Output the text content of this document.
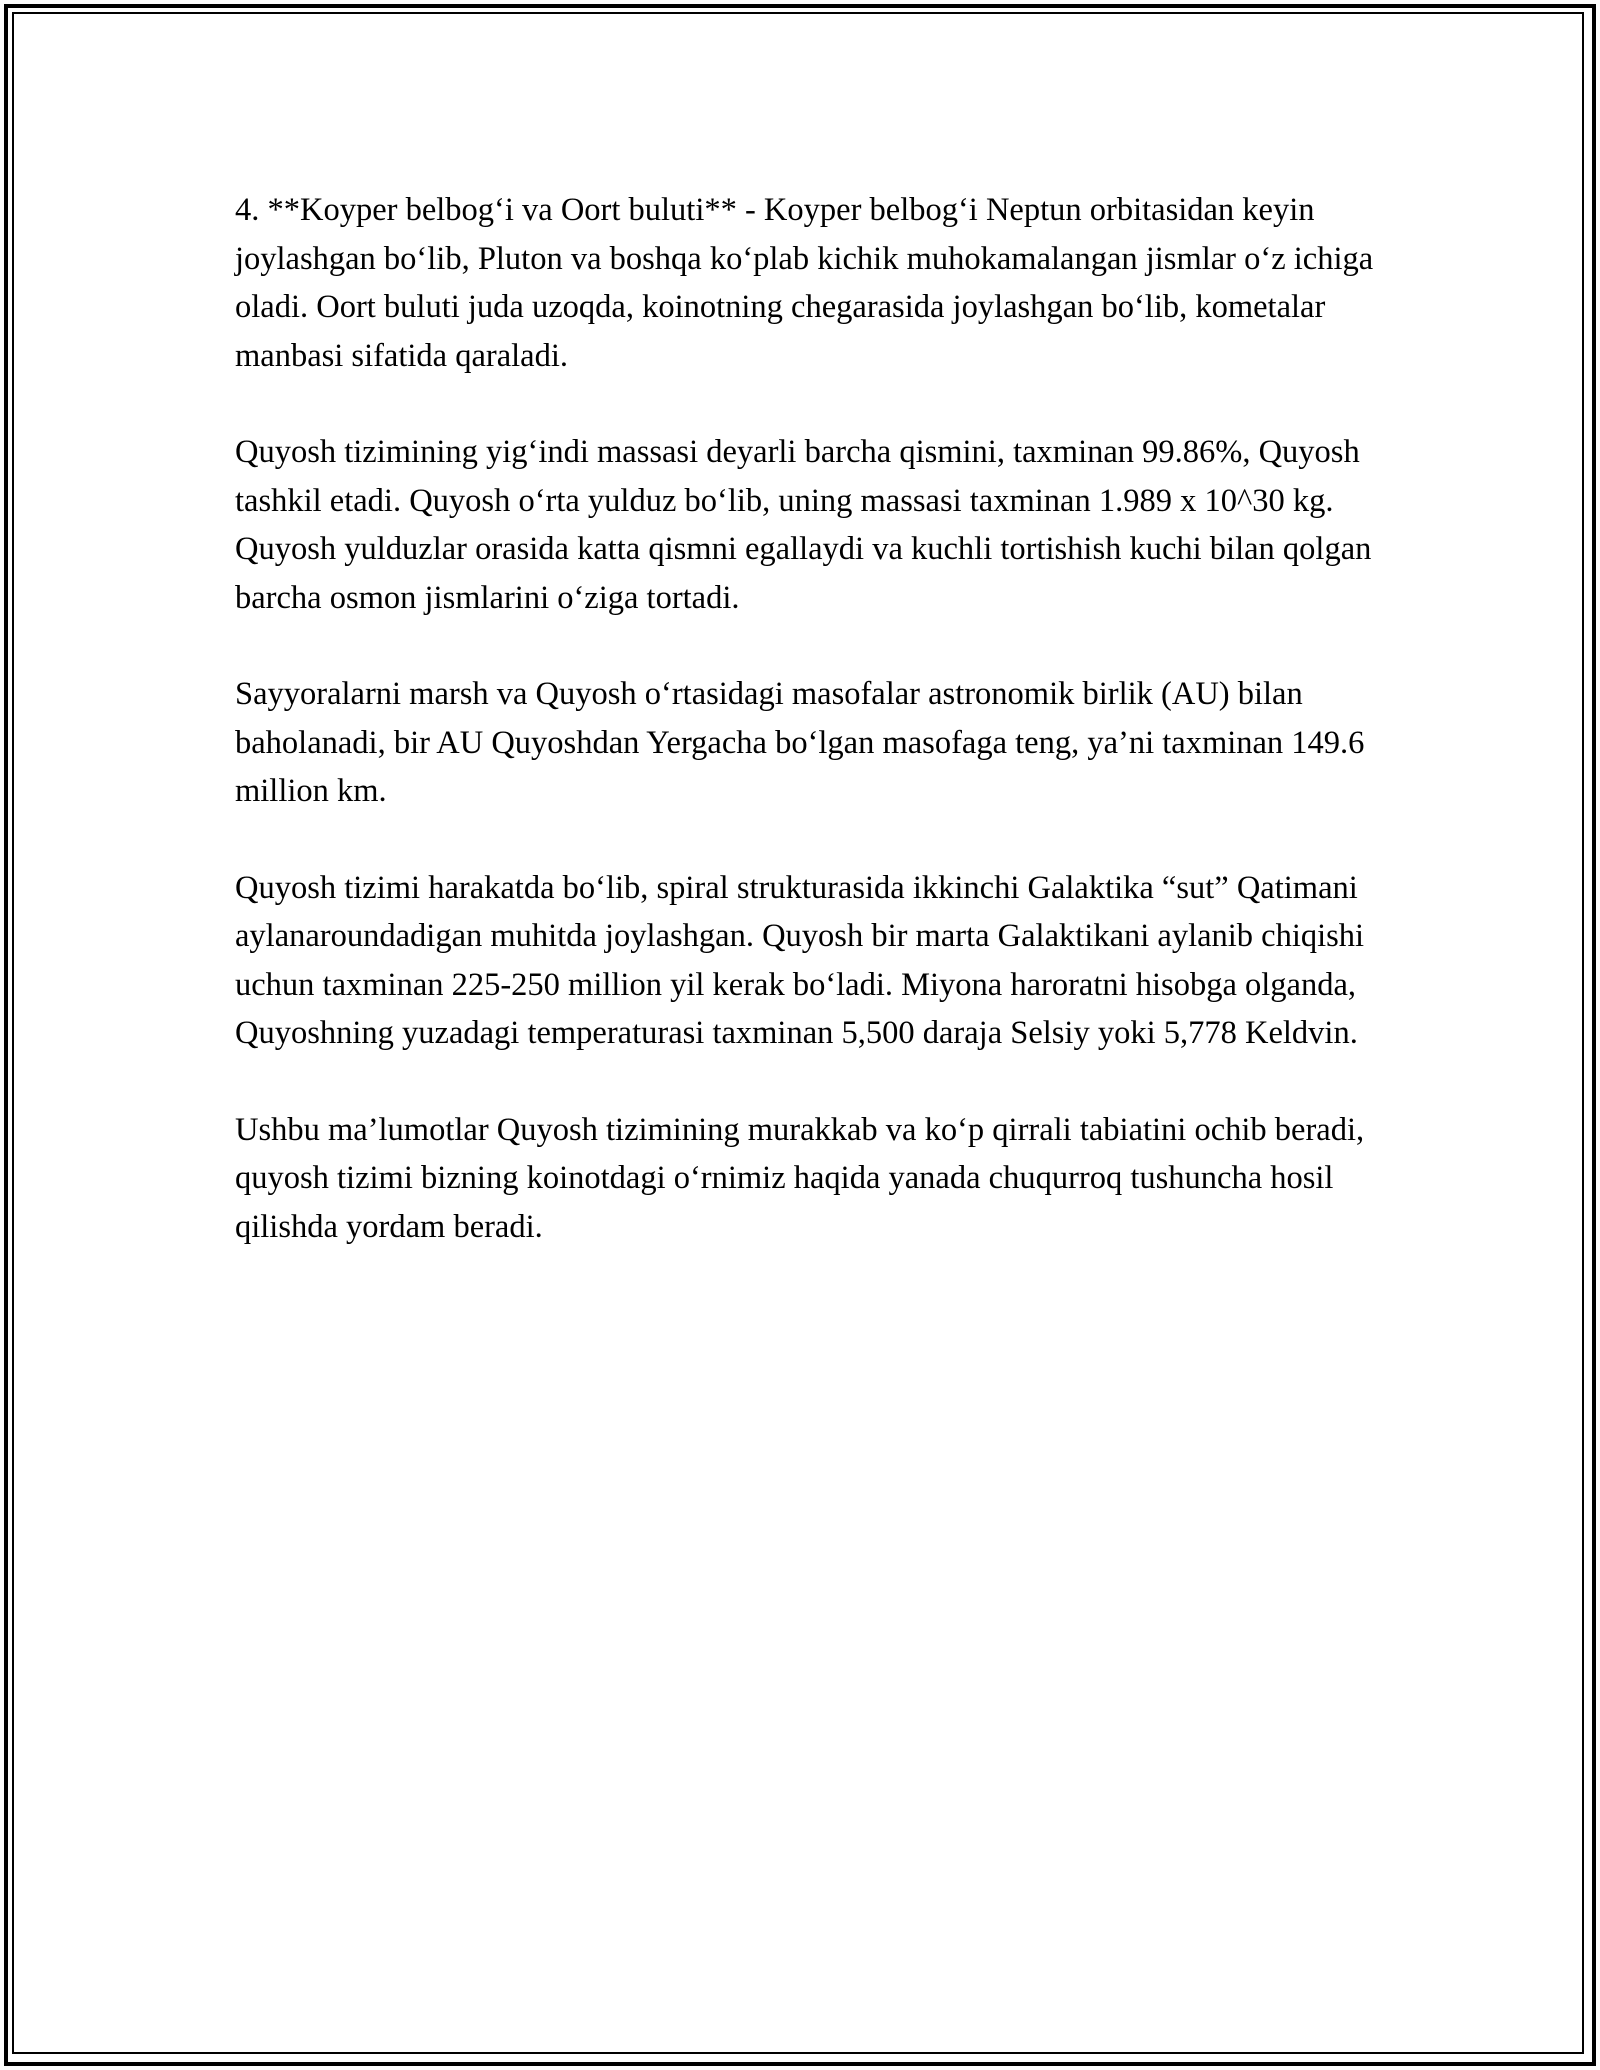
4. **Koyper belbog‘i va Oort buluti** - Koyper belbog‘i Neptun orbitasidan keyin joylashgan bo‘lib, Pluton va boshqa ko‘plab kichik muhokamalangan jismlar o‘z ichiga oladi. Oort buluti juda uzoqda, koinotning chegarasida joylashgan bo‘lib, kometalar manbasi sifatida qaraladi.

Quyosh tizimining yig‘indi massasi deyarli barcha qismini, taxminan 99.86%, Quyosh tashkil etadi. Quyosh o‘rta yulduz bo‘lib, uning massasi taxminan 1.989 x 10^30 kg. Quyosh yulduzlar orasida katta qismni egallaydi va kuchli tortishish kuchi bilan qolgan barcha osmon jismlarini o‘ziga tortadi.

Sayyoralarni marsh va Quyosh o‘rtasidagi masofalar astronomik birlik (AU) bilan baholanadi, bir AU Quyoshdan Yergacha bo‘lgan masofaga teng, ya’ni taxminan 149.6 million km.

Quyosh tizimi harakatda bo‘lib, spiral strukturasida ikkinchi Galaktika “sut” Qatimani aylanaroundadigan muhitda joylashgan. Quyosh bir marta Galaktikani aylanib chiqishi uchun taxminan 225-250 million yil kerak bo‘ladi. Miyona haroratni hisobga olganda, Quyoshning yuzadagi temperaturasi taxminan 5,500 daraja Selsiy yoki 5,778 Keldvin.

Ushbu ma’lumotlar Quyosh tizimining murakkab va ko‘p qirrali tabiatini ochib beradi, quyosh tizimi bizning koinotdagi o‘rnimiz haqida yanada chuqurroq tushuncha hosil qilishda yordam beradi.
